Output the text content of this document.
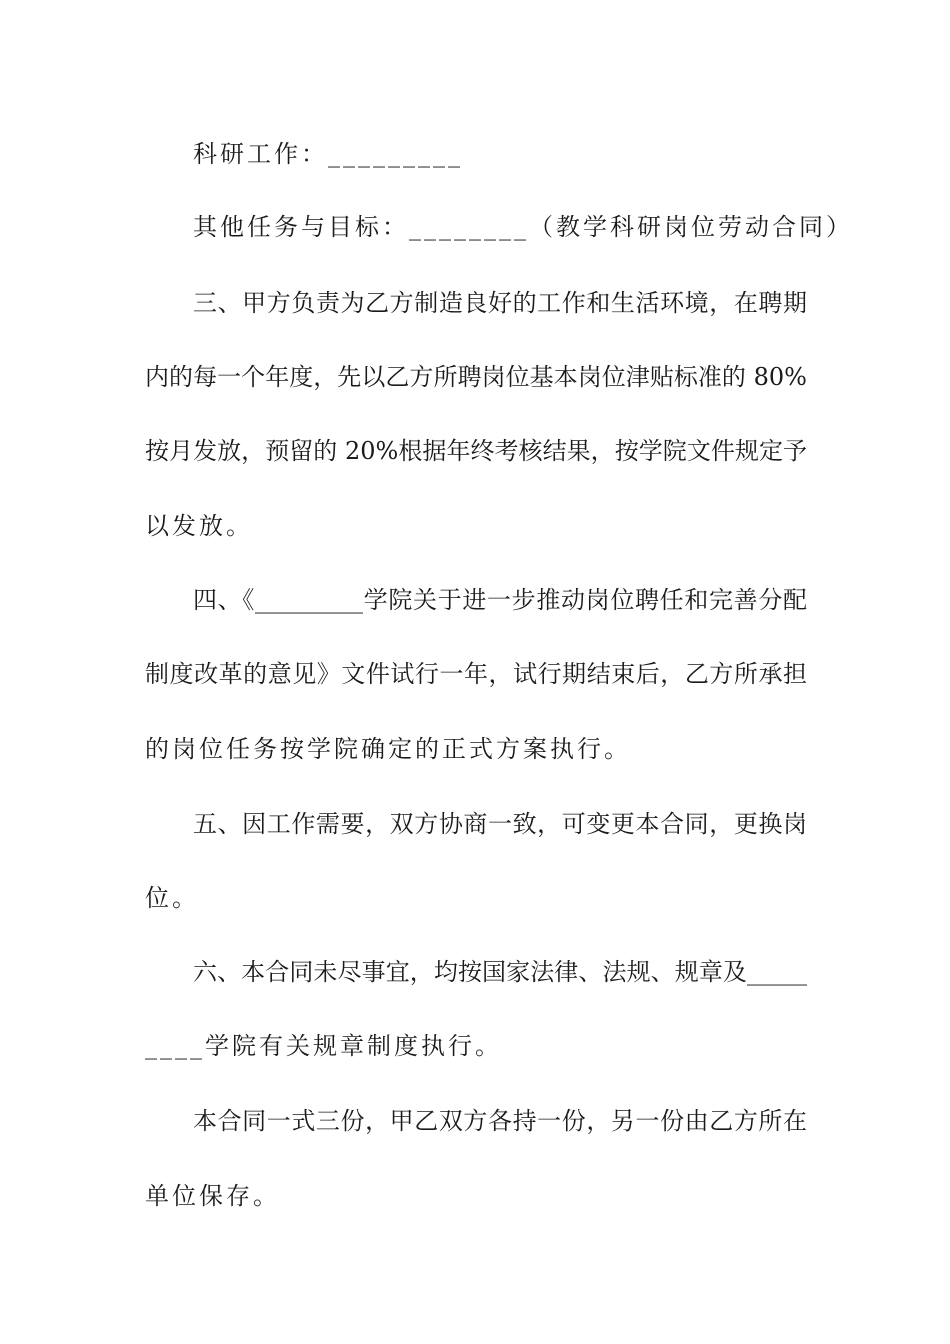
科研工作：_________

其他任务与目标：________（教学科研岗位劳动合同）

三、甲方负责为乙方制造良好的工作和生活环境，在聘期

内的每一个年度，先以乙方所聘岗位基本岗位津贴标准的 80%

按月发放，预留的 20%根据年终考核结果，按学院文件规定予

以发放。

四、《_________学院关于进一步推动岗位聘任和完善分配

制度改革的意见》文件试行一年，试行期结束后，乙方所承担

的岗位任务按学院确定的正式方案执行。

五、因工作需要，双方协商一致，可变更本合同，更换岗

位。

六、本合同未尽事宜，均按国家法律、法规、规章及_____

____学院有关规章制度执行。

本合同一式三份，甲乙双方各持一份，另一份由乙方所在

单位保存。
